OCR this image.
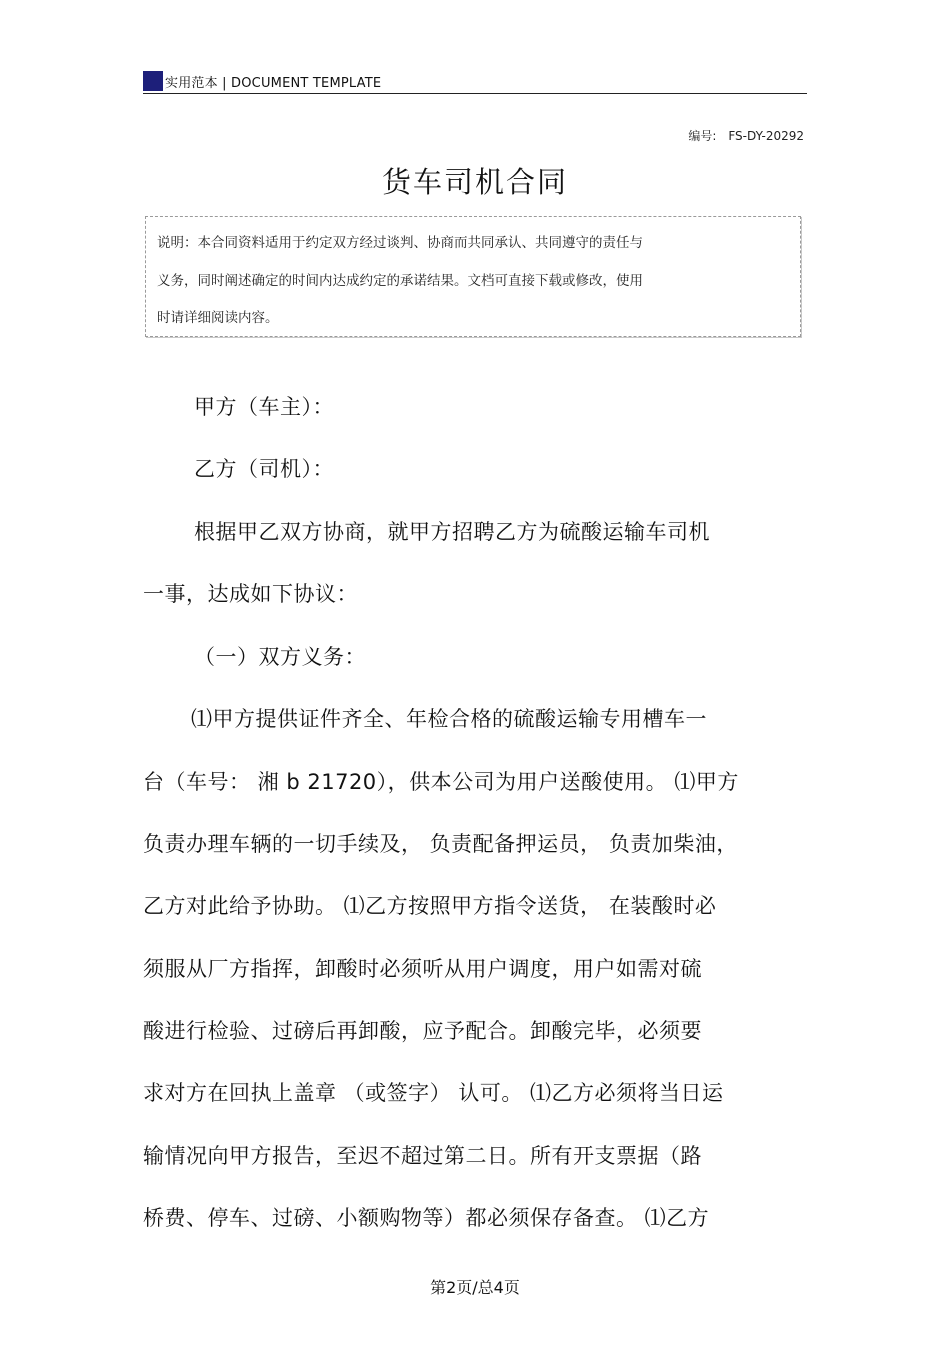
实用范本 | DOCUMENT TEMPLATE
编号: FS-DY-20292
货车司机合同
说明：本合同资料适用于约定双方经过谈判、协商而共同承认、共同遵守的责任与
义务，同时阐述确定的时间内达成约定的承诺结果。文档可直接下载或修改，使用
时请详细阅读内容。
甲方（车主）：
乙方（司机）：
根据甲乙双方协商，就甲方招聘乙方为硫酸运输车司机
一事，达成如下协议：
（一）双方义务：
⑴甲方提供证件齐全、年检合格的硫酸运输专用槽车一
台（车号： 湘 b 21720），供本公司为用户送酸使用。 ⑴甲方
负责办理车辆的一切手续及， 负责配备押运员， 负责加柴油，
乙方对此给予协助。 ⑴乙方按照甲方指令送货， 在装酸时必
须服从厂方指挥，卸酸时必须听从用户调度，用户如需对硫
酸进行检验、过磅后再卸酸，应予配合。卸酸完毕，必须要
求对方在回执上盖章 （或签字） 认可。 ⑴乙方必须将当日运
输情况向甲方报告，至迟不超过第二日。所有开支票据（路
桥费、停车、过磅、小额购物等）都必须保存备查。 ⑴乙方
第2页/总4页
